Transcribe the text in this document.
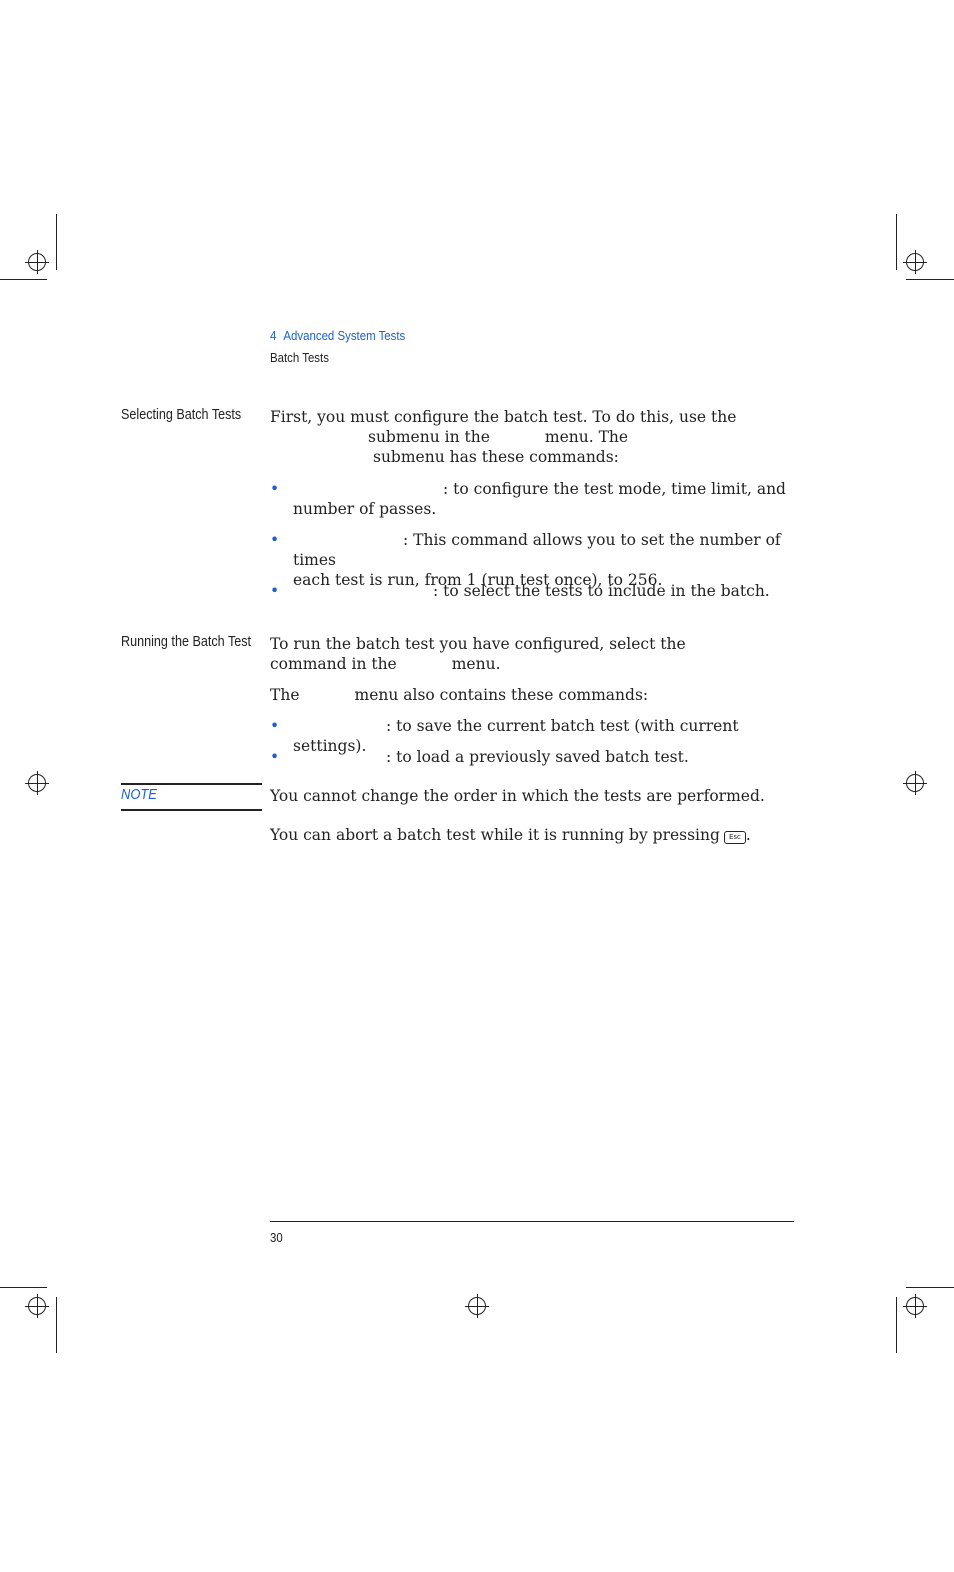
4 Advanced System Tests
Batch Tests
Selecting Batch Tests First, you must configure the batch test. To do this, use the
submenu in the	menu. The
submenu has these commands:
•	: to configure the test mode, time limit, and
number of passes.
•	: This command allows you to set the number of times
each test is run, from 1 (run test once), to 256.
•	: to select the tests to include in the batch.
Running the Batch Test To run the batch test you have configured, select the
command in the	menu.
The	menu also contains these commands:
•	: to save the current batch test (with current settings).
•	: to load a previously saved batch test.
NOTE	You cannot change the order in which the tests are performed.
You can abort a batch test while it is running by pressing Esc .
30
